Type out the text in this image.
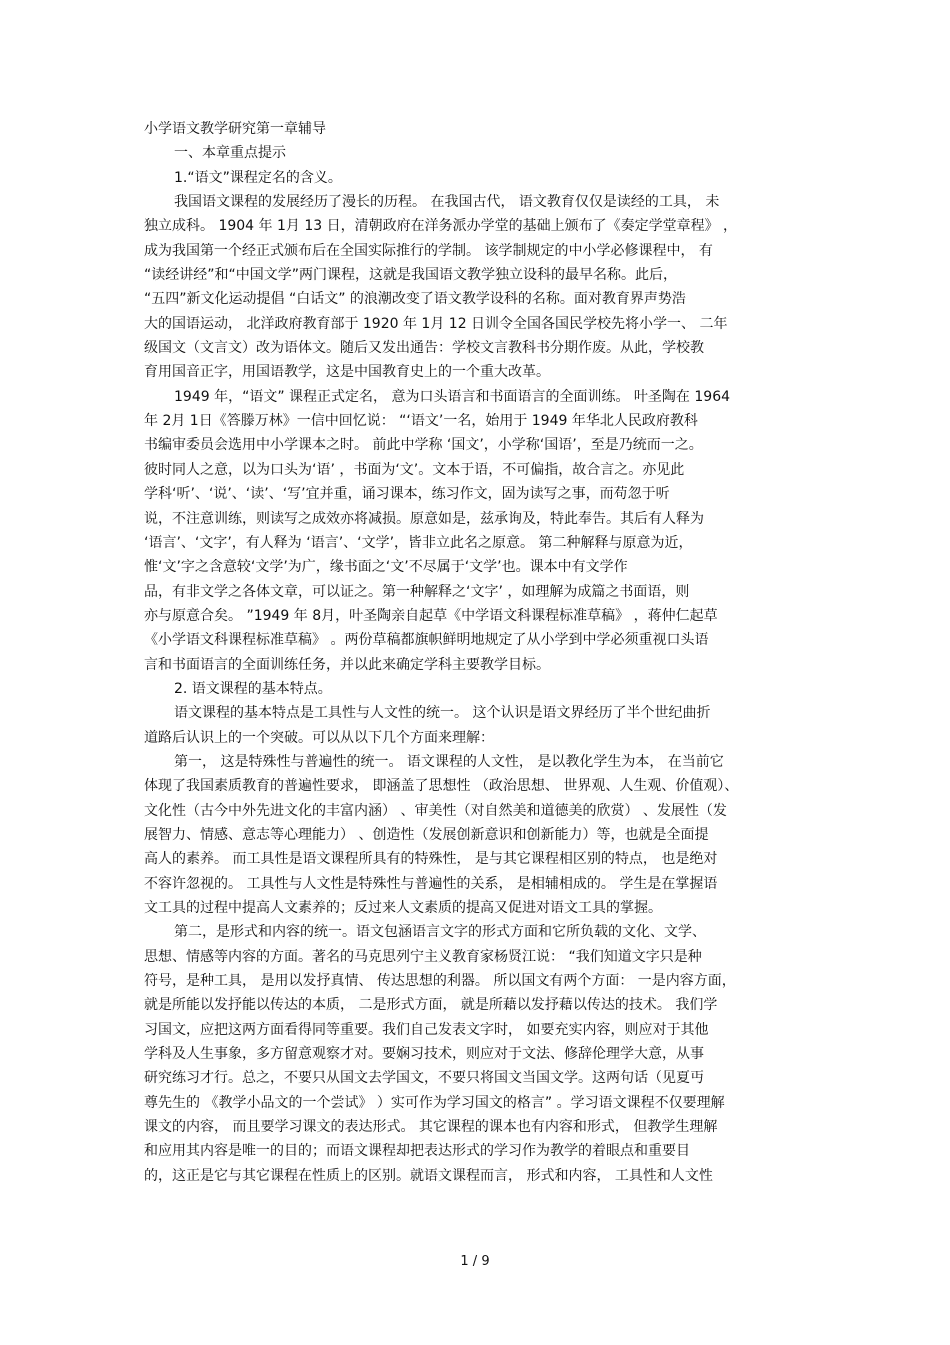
小学语文教学研究第一章辅导
一、本章重点提示
1.“语文”课程定名的含义。
我国语文课程的发展经历了漫长的历程。 在我国古代， 语文教育仅仅是读经的工具， 未
独立成科。 1904 年 1月 13 日，清朝政府在洋务派办学堂的基础上颁布了《奏定学堂章程》 ，
成为我国第一个经正式颁布后在全国实际推行的学制。 该学制规定的中小学必修课程中， 有
“读经讲经”和“中国文学”两门课程，这就是我国语文教学独立设科的最早名称。此后，
“五四”新文化运动提倡 “白话文” 的浪潮改变了语文教学设科的名称。面对教育界声势浩
大的国语运动， 北洋政府教育部于 1920 年 1月 12 日训令全国各国民学校先将小学一、 二年
级国文（文言文）改为语体文。随后又发出通告：学校文言教科书分期作废。从此，学校教
育用国音正字，用国语教学，这是中国教育史上的一个重大改革。
1949 年，“语文” 课程正式定名， 意为口头语言和书面语言的全面训练。 叶圣陶在 1964
年 2月 1日《答滕万林》一信中回忆说： “‘语文’一名，始用于 1949 年华北人民政府教科
书编审委员会选用中小学课本之时。 前此中学称 ‘国文’，小学称‘国语’，至是乃统而一之。
彼时同人之意，以为口头为‘语’ ，书面为‘文’。文本于语，不可偏指，故合言之。亦见此
学科‘听’、‘说’、‘读’、‘写’宜并重，诵习课本，练习作文，固为读写之事，而苟忽于听
说，不注意训练，则读写之成效亦将减损。原意如是，兹承询及，特此奉告。其后有人释为
‘语言’、‘文字’，有人释为 ‘语言’、‘文学’，皆非立此名之原意。 第二种解释与原意为近，
惟‘文’字之含意较‘文学’为广，缘书面之‘文’不尽属于‘文学’也。课本中有文学作
品，有非文学之各体文章，可以证之。第一种解释之‘文字’ ，如理解为成篇之书面语，则
亦与原意合矣。 ”1949 年 8月，叶圣陶亲自起草《中学语文科课程标准草稿》 ，蒋仲仁起草
《小学语文科课程标准草稿》 。两份草稿都旗帜鲜明地规定了从小学到中学必须重视口头语
言和书面语言的全面训练任务，并以此来确定学科主要教学目标。
2. 语文课程的基本特点。
语文课程的基本特点是工具性与人文性的统一。 这个认识是语文界经历了半个世纪曲折
道路后认识上的一个突破。可以从以下几个方面来理解：
第一， 这是特殊性与普遍性的统一。 语文课程的人文性， 是以教化学生为本， 在当前它
体现了我国素质教育的普遍性要求， 即涵盖了思想性 （政治思想、 世界观、人生观、价值观）、
文化性（古今中外先进文化的丰富内涵） 、审美性（对自然美和道德美的欣赏） 、发展性（发
展智力、情感、意志等心理能力） 、创造性（发展创新意识和创新能力）等，也就是全面提
高人的素养。 而工具性是语文课程所具有的特殊性， 是与其它课程相区别的特点， 也是绝对
不容许忽视的。 工具性与人文性是特殊性与普遍性的关系， 是相辅相成的。 学生是在掌握语
文工具的过程中提高人文素养的；反过来人文素质的提高又促进对语文工具的掌握。
第二，是形式和内容的统一。语文包涵语言文字的形式方面和它所负载的文化、文学、
思想、情感等内容的方面。著名的马克思列宁主义教育家杨贤江说： “我们知道文字只是种
符号，是种工具， 是用以发抒真情、 传达思想的利器。 所以国文有两个方面： 一是内容方面，
就是所能以发抒能以传达的本质， 二是形式方面， 就是所藉以发抒藉以传达的技术。 我们学
习国文，应把这两方面看得同等重要。我们自己发表文字时， 如要充实内容，则应对于其他
学科及人生事象，多方留意观察才对。要娴习技术，则应对于文法、修辞伦理学大意，从事
研究练习才行。总之，不要只从国文去学国文，不要只将国文当国文学。这两句话（见夏丏
尊先生的 《教学小品文的一个尝试》 ）实可作为学习国文的格言” 。学习语文课程不仅要理解
课文的内容， 而且要学习课文的表达形式。 其它课程的课本也有内容和形式， 但教学生理解
和应用其内容是唯一的目的；而语文课程却把表达形式的学习作为教学的着眼点和重要目
的，这正是它与其它课程在性质上的区别。就语文课程而言， 形式和内容， 工具性和人文性
1 / 9
